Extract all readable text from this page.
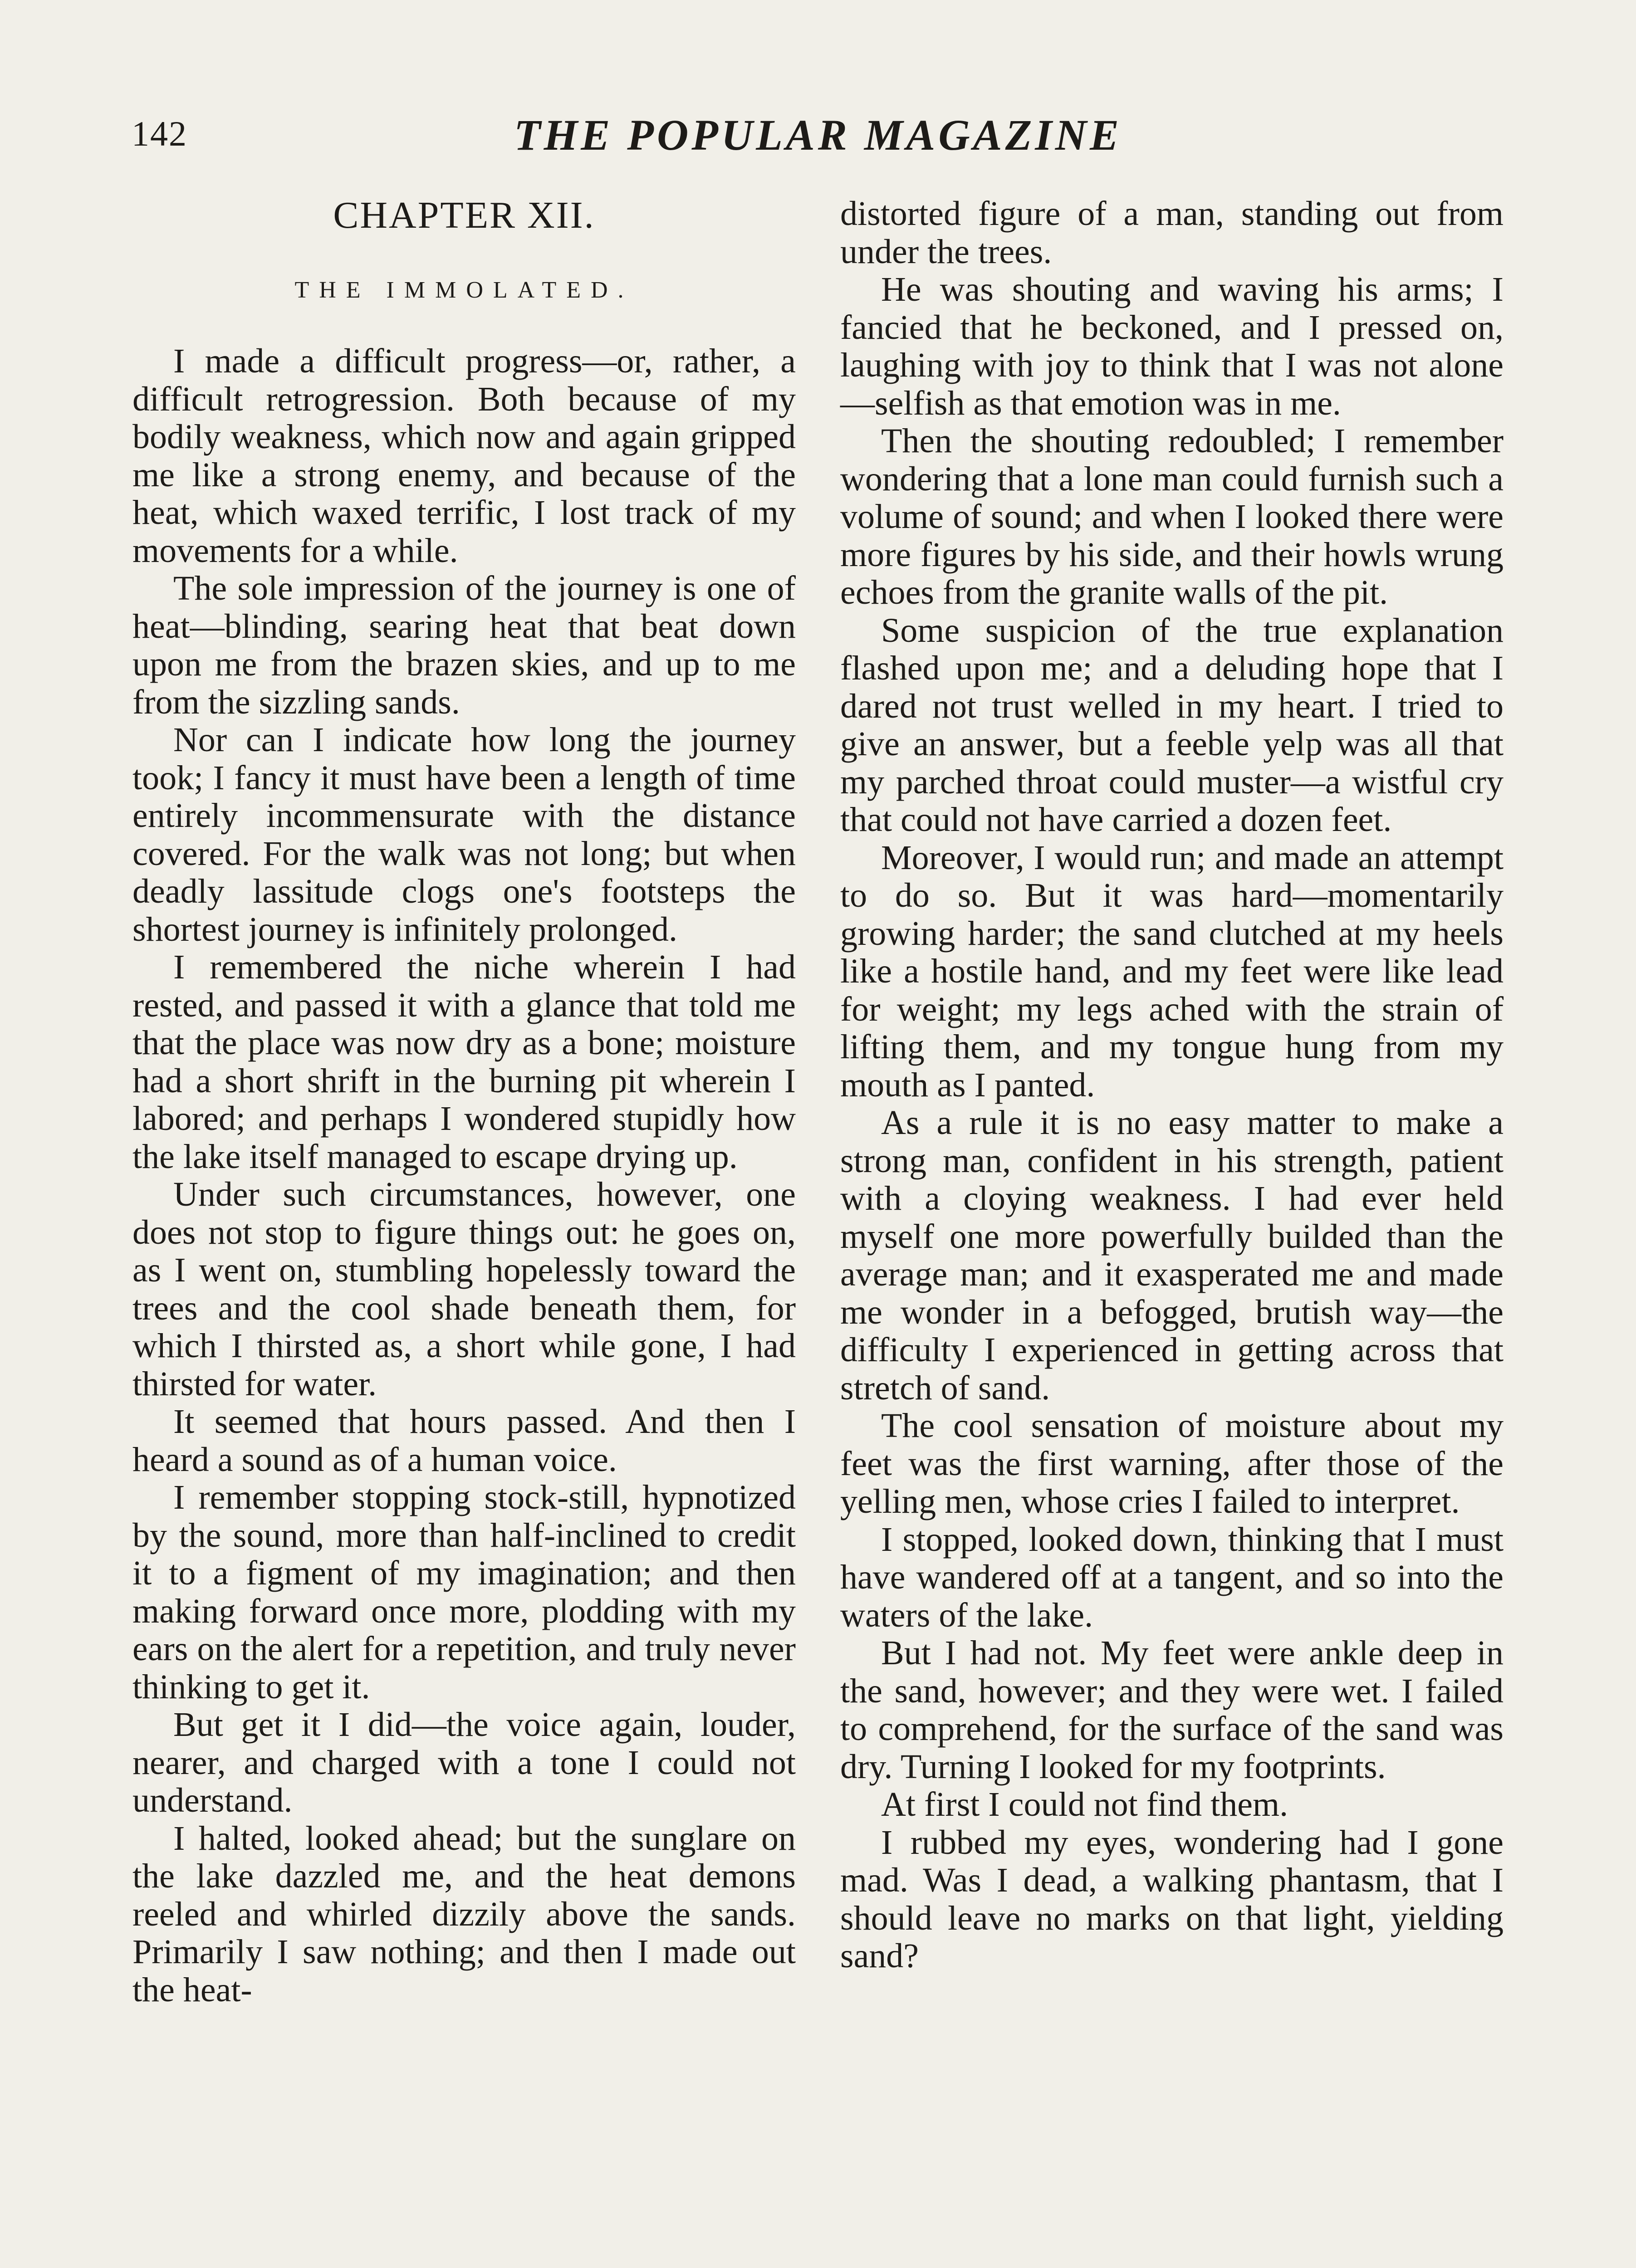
142	THE POPULAR MAGAZINE
CHAPTER XII.
THE IMMOLATED.

I made a difficult progress—or, rather, a difficult retrogression. Both because of my bodily weakness, which now and again gripped me like a strong enemy, and because of the heat, which waxed terrific, I lost track of my movements for a while.

The sole impression of the journey is one of heat—blinding, searing heat that beat down upon me from the brazen skies, and up to me from the sizzling sands.

Nor can I indicate how long the journey took; I fancy it must have been a length of time entirely incommensurate with the distance covered. For the walk was not long; but when deadly lassitude clogs one's footsteps the shortest journey is infinitely prolonged.

I remembered the niche wherein I had rested, and passed it with a glance that told me that the place was now dry as a bone; moisture had a short shrift in the burning pit wherein I labored; and perhaps I wondered stupidly how the lake itself managed to escape drying up.

Under such circumstances, however, one does not stop to figure things out: he goes on, as I went on, stumbling hopelessly toward the trees and the cool shade beneath them, for which I thirsted as, a short while gone, I had thirsted for water.

It seemed that hours passed. And then I heard a sound as of a human voice.

I remember stopping stock-still, hypnotized by the sound, more than half-inclined to credit it to a figment of my imagination; and then making forward once more, plodding with my ears on the alert for a repetition, and truly never thinking to get it.

But get it I did—the voice again, louder, nearer, and charged with a tone I could not understand.

I halted, looked ahead; but the sunglare on the lake dazzled me, and the heat demons reeled and whirled dizzily above the sands. Primarily I saw nothing; and then I made out the heat-

distorted figure of a man, standing out from under the trees.

He was shouting and waving his arms; I fancied that he beckoned, and I pressed on, laughing with joy to think that I was not alone—selfish as that emotion was in me.

Then the shouting redoubled; I remember wondering that a lone man could furnish such a volume of sound; and when I looked there were more figures by his side, and their howls wrung echoes from the granite walls of the pit.

Some suspicion of the true explanation flashed upon me; and a deluding hope that I dared not trust welled in my heart. I tried to give an answer, but a feeble yelp was all that my parched throat could muster—a wistful cry that could not have carried a dozen feet.

Moreover, I would run; and made an attempt to do so. But it was hard—momentarily growing harder; the sand clutched at my heels like a hostile hand, and my feet were like lead for weight; my legs ached with the strain of lifting them, and my tongue hung from my mouth as I panted.

As a rule it is no easy matter to make a strong man, confident in his strength, patient with a cloying weakness. I had ever held myself one more powerfully builded than the average man; and it exasperated me and made me wonder in a befogged, brutish way—the difficulty I experienced in getting across that stretch of sand.

The cool sensation of moisture about my feet was the first warning, after those of the yelling men, whose cries I failed to interpret.

I stopped, looked down, thinking that I must have wandered off at a tangent, and so into the waters of the lake.

But I had not. My feet were ankle deep in the sand, however; and they were wet. I failed to comprehend, for the surface of the sand was dry. Turning I looked for my footprints.

At first I could not find them.

I rubbed my eyes, wondering had I gone mad. Was I dead, a walking phantasm, that I should leave no marks on that light, yielding sand?
